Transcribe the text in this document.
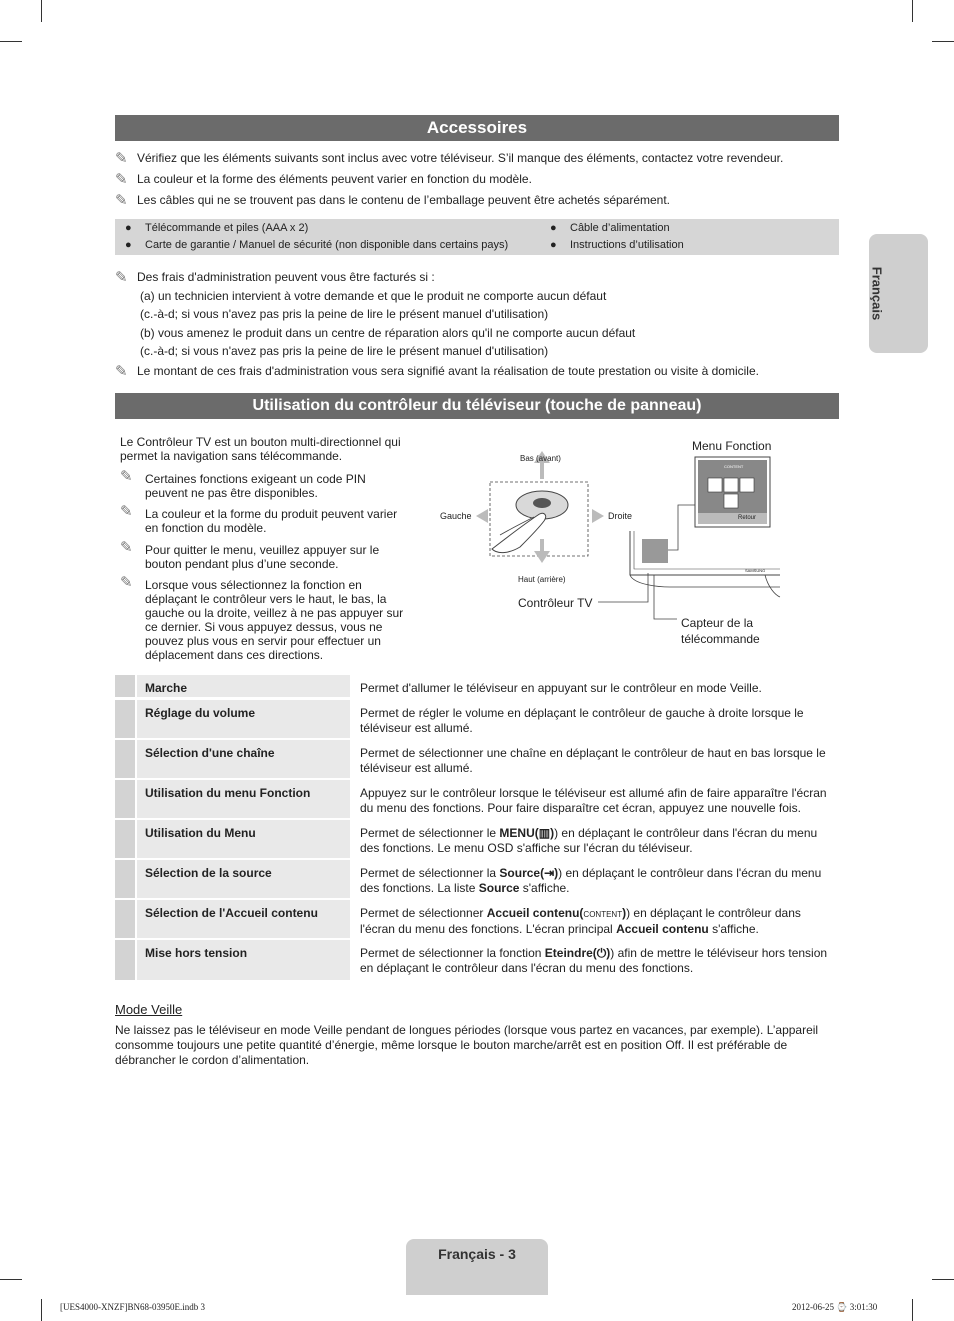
Accessoires
✎ Vérifiez que les éléments suivants sont inclus avec votre téléviseur. S’il manque des éléments, contactez votre revendeur.
✎ La couleur et la forme des éléments peuvent varier en fonction du modèle.
✎ Les câbles qui ne se trouvent pas dans le contenu de l’emballage peuvent être achetés séparément.
● Télécommande et piles (AAA x 2)
● Carte de garantie / Manuel de sécurité (non disponible dans certains pays)
● Câble d’alimentation
● Instructions d’utilisation
✎ Des frais d'administration peuvent vous être facturés si :
(a) un technicien intervient à votre demande et que le produit ne comporte aucun défaut
(c.-à-d; si vous n'avez pas pris la peine de lire le présent manuel d'utilisation)
(b) vous amenez le produit dans un centre de réparation alors qu'il ne comporte aucun défaut
(c.-à-d; si vous n'avez pas pris la peine de lire le présent manuel d'utilisation)
✎ Le montant de ces frais d'administration vous sera signifié avant la réalisation de toute prestation ou visite à domicile.
Utilisation du contrôleur du téléviseur (touche de panneau)
Le Contrôleur TV est un bouton multi-directionnel qui permet la navigation sans télécommande.
✎ Certaines fonctions exigeant un code PIN peuvent ne pas être disponibles.
✎ La couleur et la forme du produit peuvent varier en fonction du modèle.
✎ Pour quitter le menu, veuillez appuyer sur le bouton pendant plus d’une seconde.
✎ Lorsque vous sélectionnez la fonction en déplaçant le contrôleur vers le haut, le bas, la gauche ou la droite, veillez à ne pas appuyer sur ce dernier. Si vous appuyez dessus, vous ne pouvez plus vous en servir pour effectuer un déplacement dans ces directions.
Bas (avant)
Haut (arrière)
Gauche	Droite
Menu Fonction
CONTENT
Retour
SAMSUNG
Contrôleur TV
Capteur de la télécommande
Marche	Permet d'allumer le téléviseur en appuyant sur le contrôleur en mode Veille.
Réglage du volume	Permet de régler le volume en déplaçant le contrôleur de gauche à droite lorsque le téléviseur est allumé.
Sélection d'une chaîne	Permet de sélectionner une chaîne en déplaçant le contrôleur de haut en bas lorsque le téléviseur est allumé.
Utilisation du menu Fonction	Appuyez sur le contrôleur lorsque le téléviseur est allumé afin de faire apparaître l'écran du menu des fonctions. Pour faire disparaître cet écran, appuyez une nouvelle fois.
Utilisation du Menu	Permet de sélectionner le MENU(▥)) en déplaçant le contrôleur dans l'écran du menu des fonctions. Le menu OSD s'affiche sur l'écran du téléviseur.
Sélection de la source	Permet de sélectionner la Source(⇥)) en déplaçant le contrôleur dans l'écran du menu des fonctions. La liste Source s'affiche.
Sélection de l'Accueil contenu	Permet de sélectionner Accueil contenu(CONTENT)) en déplaçant le contrôleur dans l'écran du menu des fonctions. L'écran principal Accueil contenu s'affiche.
Mise hors tension	Permet de sélectionner la fonction Eteindre(⏻)) afin de mettre le téléviseur hors tension en déplaçant le contrôleur dans l'écran du menu des fonctions.
Mode Veille
Ne laissez pas le téléviseur en mode Veille pendant de longues périodes (lorsque vous partez en vacances, par exemple). L’appareil consomme toujours une petite quantité d’énergie, même lorsque le bouton marche/arrêt est en position Off. Il est préférable de débrancher le cordon d’alimentation.
Français
Français - 3
[UES4000-XNZF]BN68-03950E.indb 3	2012-06-25 ⌚ 3:01:30
